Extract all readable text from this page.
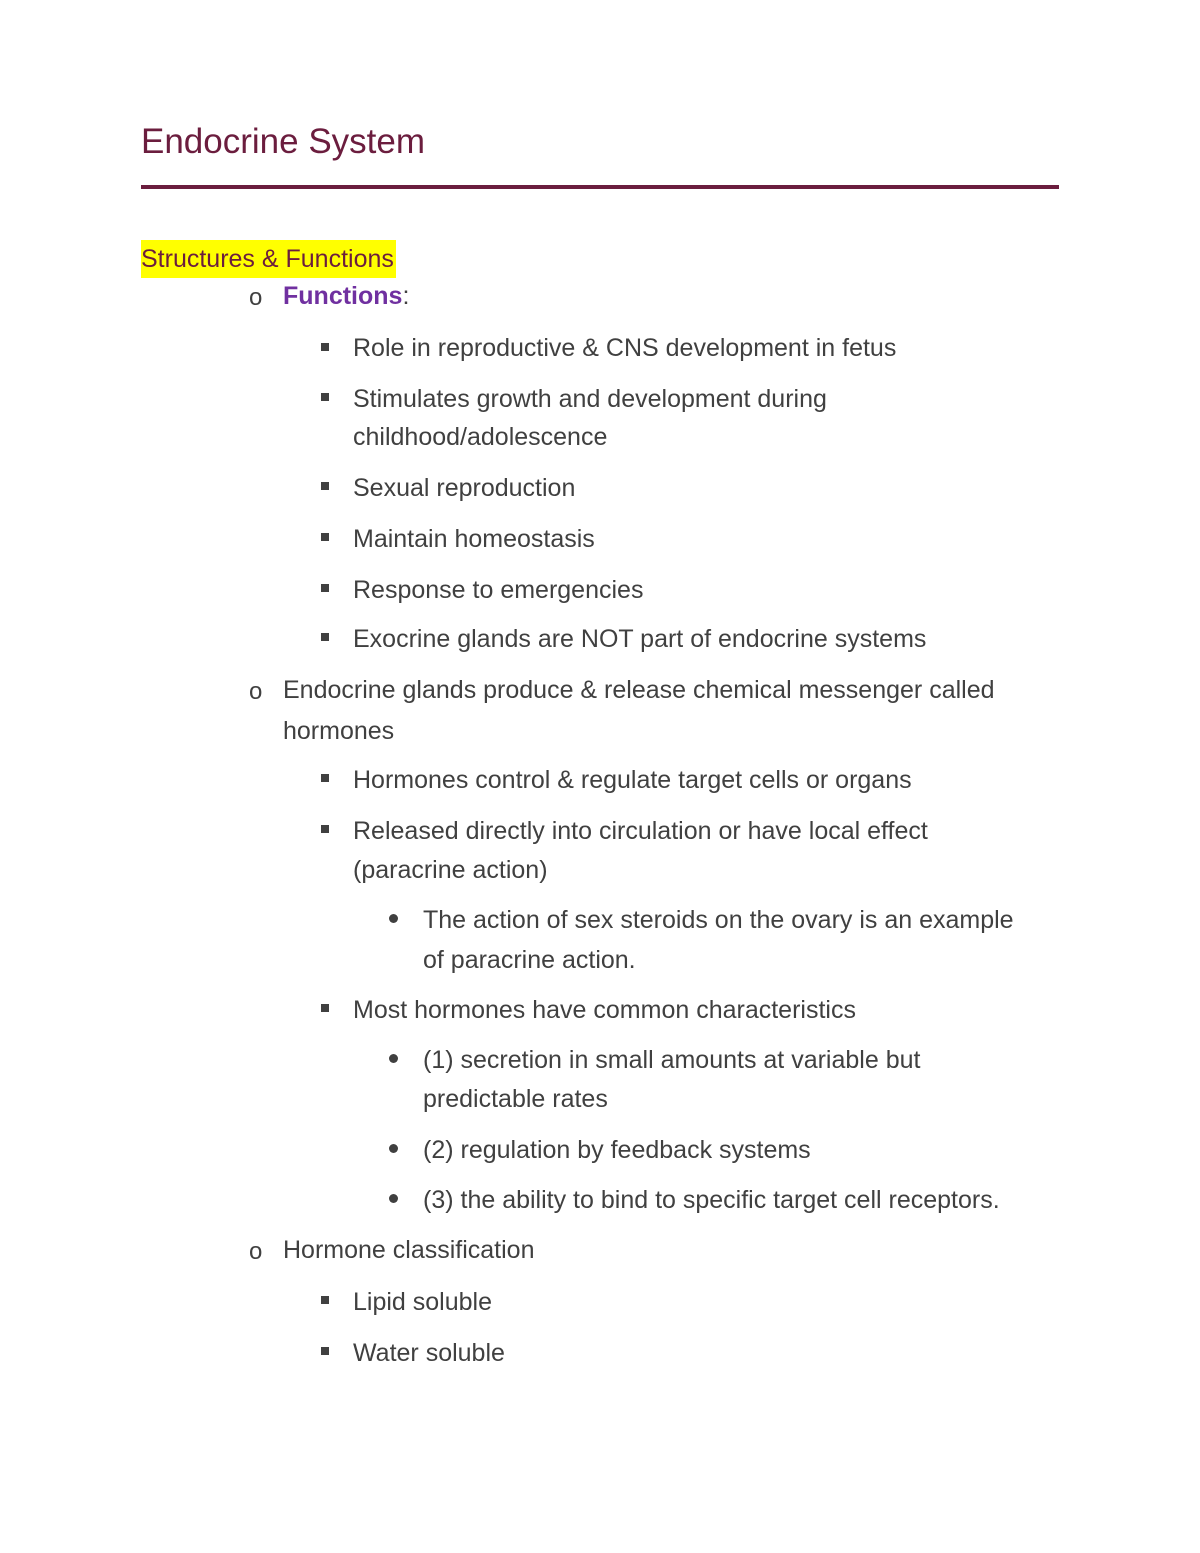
Endocrine System
Structures & Functions
o Functions:
Role in reproductive & CNS development in fetus
Stimulates growth and development during
childhood/adolescence
Sexual reproduction
Maintain homeostasis
Response to emergencies
Exocrine glands are NOT part of endocrine systems
o Endocrine glands produce & release chemical messenger called
hormones
Hormones control & regulate target cells or organs
Released directly into circulation or have local effect
(paracrine action)
The action of sex steroids on the ovary is an example
of paracrine action.
Most hormones have common characteristics
(1) secretion in small amounts at variable but
predictable rates
(2) regulation by feedback systems
(3) the ability to bind to specific target cell receptors.
o Hormone classification
Lipid soluble
Water soluble
